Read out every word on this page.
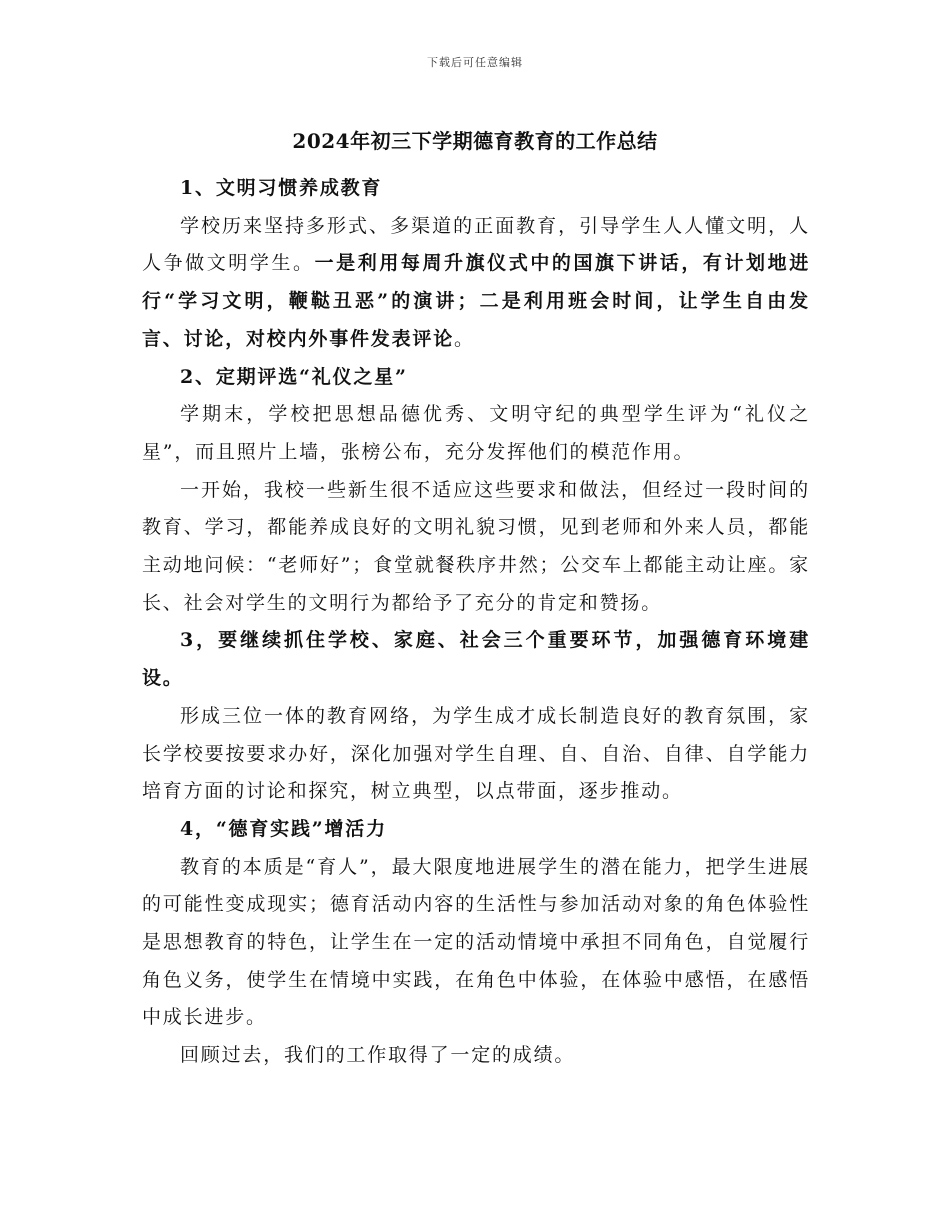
下载后可任意编辑
2024年初三下学期德育教育的工作总结

1、文明习惯养成教育

学校历来坚持多形式、多渠道的正面教育，引导学生人人懂文明，人人争做文明学生。一是利用每周升旗仪式中的国旗下讲话，有计划地进行“学习文明，鞭鞑丑恶”的演讲；二是利用班会时间，让学生自由发言、讨论，对校内外事件发表评论。

2、定期评选“礼仪之星”

学期末，学校把思想品德优秀、文明守纪的典型学生评为“礼仪之星”，而且照片上墙，张榜公布，充分发挥他们的模范作用。

一开始，我校一些新生很不适应这些要求和做法，但经过一段时间的教育、学习，都能养成良好的文明礼貌习惯，见到老师和外来人员，都能主动地问候：“老师好”；食堂就餐秩序井然；公交车上都能主动让座。家长、社会对学生的文明行为都给予了充分的肯定和赞扬。

3，要继续抓住学校、家庭、社会三个重要环节，加强德育环境建设。

形成三位一体的教育网络，为学生成才成长制造良好的教育氛围，家长学校要按要求办好，深化加强对学生自理、自、自治、自律、自学能力培育方面的讨论和探究，树立典型，以点带面，逐步推动。

4，“德育实践”增活力

教育的本质是“育人”，最大限度地进展学生的潜在能力，把学生进展的可能性变成现实；德育活动内容的生活性与参加活动对象的角色体验性是思想教育的特色，让学生在一定的活动情境中承担不同角色，自觉履行角色义务，使学生在情境中实践，在角色中体验，在体验中感悟，在感悟中成长进步。

回顾过去，我们的工作取得了一定的成绩。
